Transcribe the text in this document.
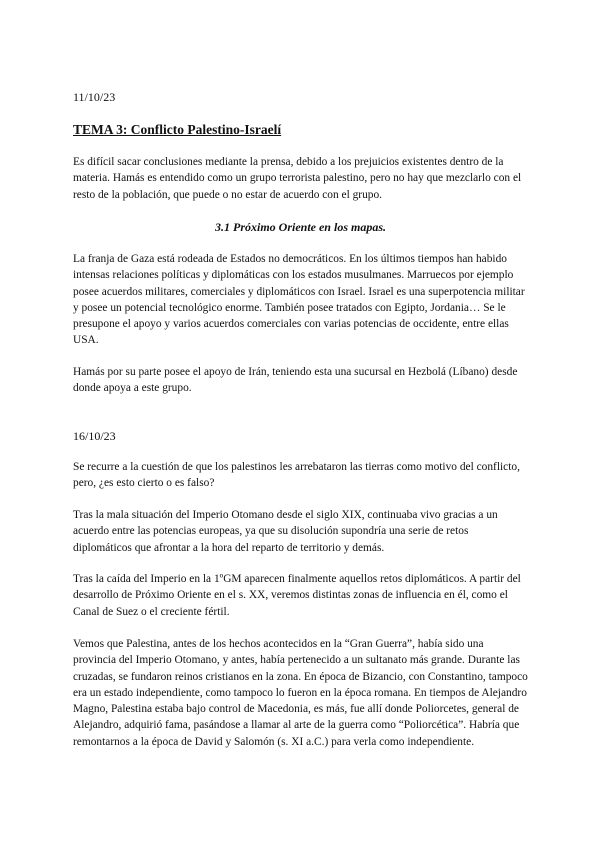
11/10/23

TEMA 3: Conflicto Palestino-Israelí

Es difícil sacar conclusiones mediante la prensa, debido a los prejuicios existentes dentro de la materia. Hamás es entendido como un grupo terrorista palestino, pero no hay que mezclarlo con el resto de la población, que puede o no estar de acuerdo con el grupo.

3.1 Próximo Oriente en los mapas.

La franja de Gaza está rodeada de Estados no democráticos. En los últimos tiempos han habido intensas relaciones políticas y diplomáticas con los estados musulmanes. Marruecos por ejemplo posee acuerdos militares, comerciales y diplomáticos con Israel. Israel es una superpotencia militar y posee un potencial tecnológico enorme. También posee tratados con Egipto, Jordania… Se le presupone el apoyo y varios acuerdos comerciales con varias potencias de occidente, entre ellas USA.

Hamás por su parte posee el apoyo de Irán, teniendo esta una sucursal en Hezbolá (Líbano) desde donde apoya a este grupo.

16/10/23

Se recurre a la cuestión de que los palestinos les arrebataron las tierras como motivo del conflicto, pero, ¿es esto cierto o es falso?

Tras la mala situación del Imperio Otomano desde el siglo XIX, continuaba vivo gracias a un acuerdo entre las potencias europeas, ya que su disolución supondría una serie de retos diplomáticos que afrontar a la hora del reparto de territorio y demás.

Tras la caída del Imperio en la 1ºGM aparecen finalmente aquellos retos diplomáticos. A partir del desarrollo de Próximo Oriente en el s. XX, veremos distintas zonas de influencia en él, como el Canal de Suez o el creciente fértil.

Vemos que Palestina, antes de los hechos acontecidos en la “Gran Guerra”, había sido una provincia del Imperio Otomano, y antes, había pertenecido a un sultanato más grande. Durante las cruzadas, se fundaron reinos cristianos en la zona. En época de Bizancio, con Constantino, tampoco era un estado independiente, como tampoco lo fueron en la época romana. En tiempos de Alejandro Magno, Palestina estaba bajo control de Macedonia, es más, fue allí donde Poliorcetes, general de Alejandro, adquirió fama, pasándose a llamar al arte de la guerra como “Poliorcética”. Habría que remontarnos a la época de David y Salomón (s. XI a.C.) para verla como independiente.
